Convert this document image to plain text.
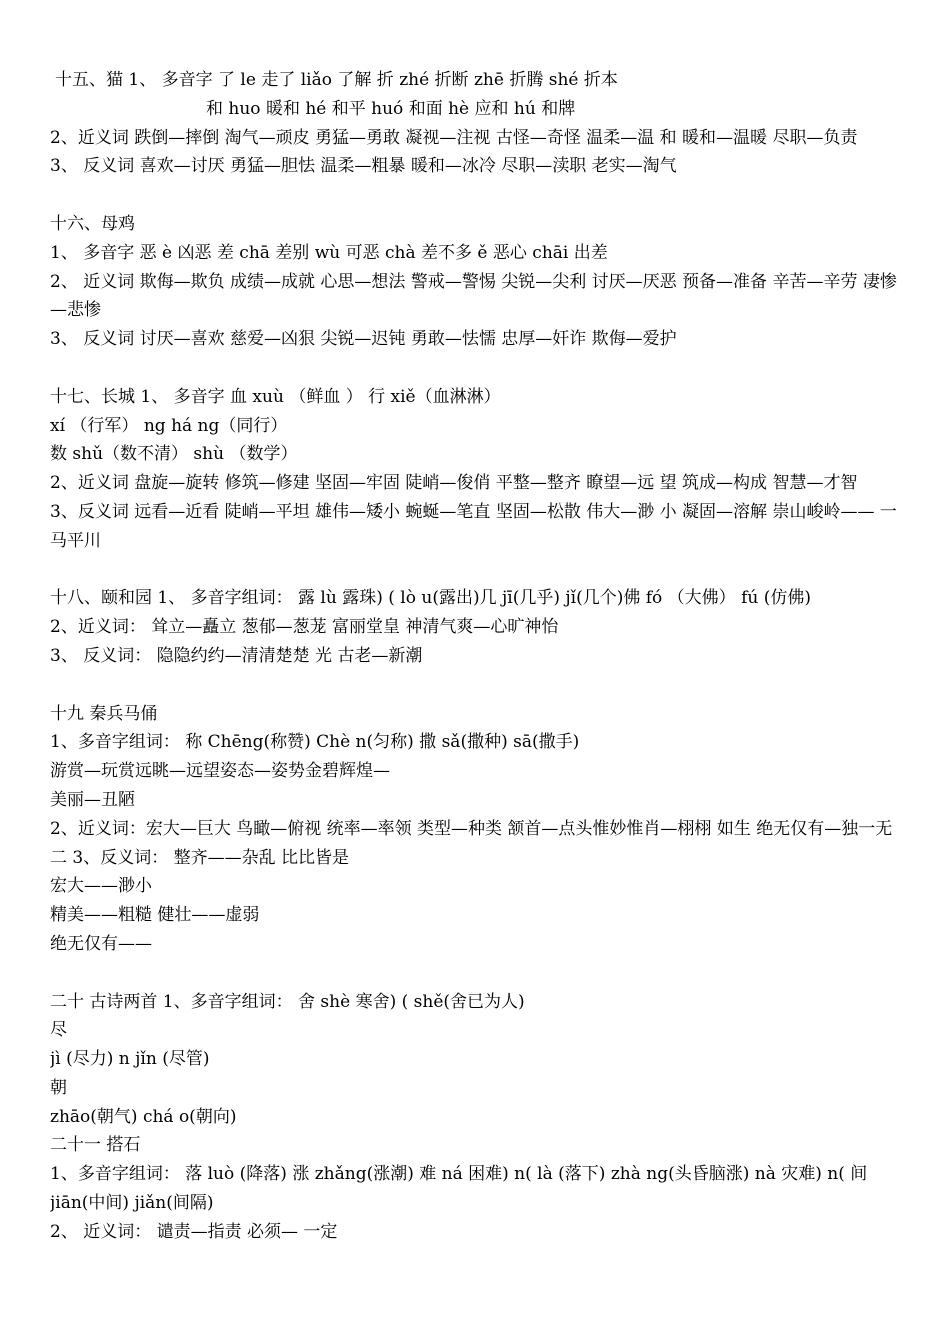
十五、猫 1、 多音字 了 le 走了 liǎo 了解 折 zhé 折断 zhē 折腾 shé 折本

和 huo 暖和 hé 和平 huó 和面 hè 应和 hú 和牌

2、近义词 跌倒—摔倒 淘气—顽皮 勇猛—勇敢 凝视—注视 古怪—奇怪 温柔—温 和 暖和—温暖 尽职—负责

3、 反义词 喜欢—讨厌 勇猛—胆怯 温柔—粗暴 暖和—冰冷 尽职—渎职 老实—淘气

十六、母鸡

1、 多音字 恶 è 凶恶 差 chā 差别 wù 可恶 chà 差不多 ě 恶心 chāi 出差

2、 近义词 欺侮—欺负 成绩—成就 心思—想法 警戒—警惕 尖锐—尖利 讨厌—厌恶 预备—准备 辛苦—辛劳 凄惨—悲惨

3、 反义词 讨厌—喜欢 慈爱—凶狠 尖锐—迟钝 勇敢—怯懦 忠厚—奸诈 欺侮—爱护

十七、长城 1、 多音字 血 xuù （鲜血 ） 行 xiě（血淋淋）

xí （行军） ng há ng（同行）

数 shǔ（数不清） shù （数学）

2、近义词 盘旋—旋转 修筑—修建 坚固—牢固 陡峭—俊俏 平整—整齐 瞭望—远 望 筑成—构成 智慧—才智

3、反义词 远看—近看 陡峭—平坦 雄伟—矮小 蜿蜒—笔直 坚固—松散 伟大—渺 小 凝固—溶解 崇山峻岭—— 一马平川

十八、颐和园 1、 多音字组词： 露 lù 露珠) ( lò u(露出)几 jī(几乎) jǐ(几个)佛 fó （大佛） fú (仿佛)

2、近义词： 耸立—矗立 葱郁—葱茏 富丽堂皇 神清气爽—心旷神怡

3、 反义词： 隐隐约约—清清楚楚 光 古老—新潮

十九 秦兵马俑

1、多音字组词： 称 Chēng(称赞) Chè n(匀称) 撒 sǎ(撒种) sā(撒手)

游赏—玩赏远眺—远望姿态—姿势金碧辉煌—

美丽—丑陋

2、近义词：宏大—巨大 鸟瞰—俯视 统率—率领 类型—种类 颔首—点头惟妙惟肖—栩栩 如生 绝无仅有—独一无二 3、反义词： 整齐——杂乱 比比皆是

宏大——渺小

精美——粗糙 健壮——虚弱

绝无仅有——

二十 古诗两首 1、多音字组词： 舍 shè 寒舍) ( shě(舍已为人)

尽

jì (尽力) n jǐn (尽管)

朝

zhāo(朝气) chá o(朝向)

二十一 搭石

1、多音字组词： 落 luò (降落) 涨 zhǎng(涨潮) 难 ná 困难) n( là (落下) zhà ng(头昏脑涨) nà 灾难) n( 间 jiān(中间) jiǎn(间隔)

2、 近义词： 谴责—指责 必须— 一定
